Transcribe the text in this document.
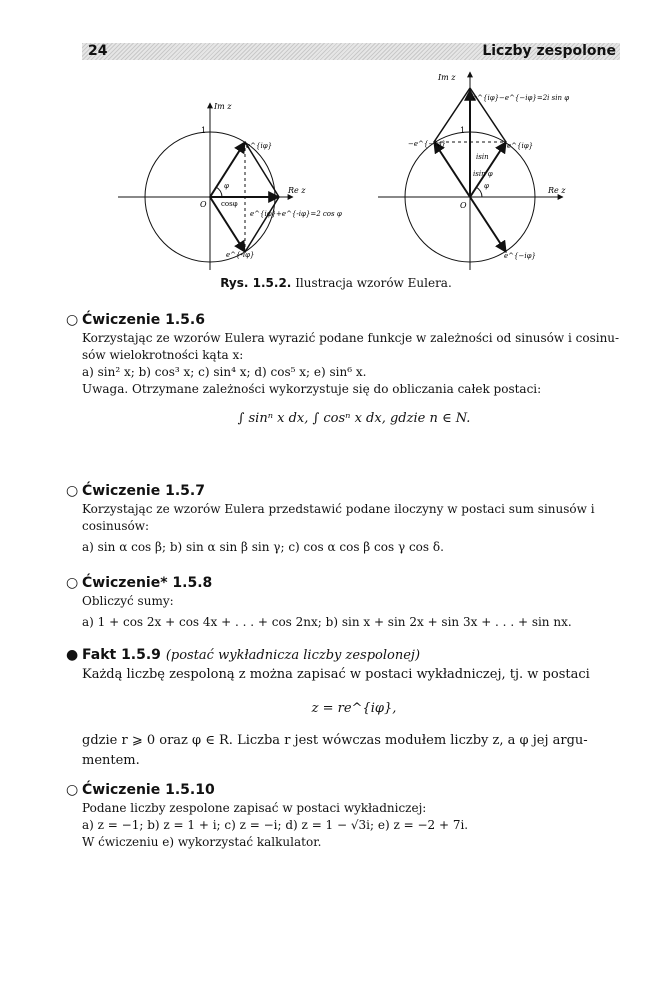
24	Liczby zespolone
Im z
Re z
1
O
e^{iφ}
e^{-iφ}
φ
cosφ
e^{iφ}+e^{-iφ}=2 cos φ
Im z
Re z
e^{iφ}−e^{−iφ}=2i sin φ
−e^{−iφ}
1
e^{iφ}
e^{−iφ}
isin
isin φ
φ
O
Rys. 1.5.2. Ilustracja wzorów Eulera.
○ Ćwiczenie 1.5.6
Korzystając ze wzorów Eulera wyrazić podane funkcje w zależności od sinusów i cosinu-
sów wielokrotności kąta x:
a) sin² x; b) cos³ x; c) sin⁴ x; d) cos⁵ x; e) sin⁶ x.
Uwaga. Otrzymane zależności wykorzystuje się do obliczania całek postaci:
∫ sinⁿ x dx, ∫ cosⁿ x dx, gdzie n ∈ N.
○ Ćwiczenie 1.5.7
Korzystając ze wzorów Eulera przedstawić podane iloczyny w postaci sum sinusów i
cosinusów:
a) sin α cos β; b) sin α sin β sin γ; c) cos α cos β cos γ cos δ.
○ Ćwiczenie* 1.5.8
Obliczyć sumy:
a) 1 + cos 2x + cos 4x + . . . + cos 2nx; b) sin x + sin 2x + sin 3x + . . . + sin nx.
● Fakt 1.5.9 (postać wykładnicza liczby zespolonej)
Każdą liczbę zespoloną z można zapisać w postaci wykładniczej, tj. w postaci
z = re^{iφ},
gdzie r ⩾ 0 oraz φ ∈ R. Liczba r jest wówczas modułem liczby z, a φ jej argu-
mentem.
○ Ćwiczenie 1.5.10
Podane liczby zespolone zapisać w postaci wykładniczej:
a) z = −1; b) z = 1 + i; c) z = −i; d) z = 1 − √3i; e) z = −2 + 7i.
W ćwiczeniu e) wykorzystać kalkulator.
